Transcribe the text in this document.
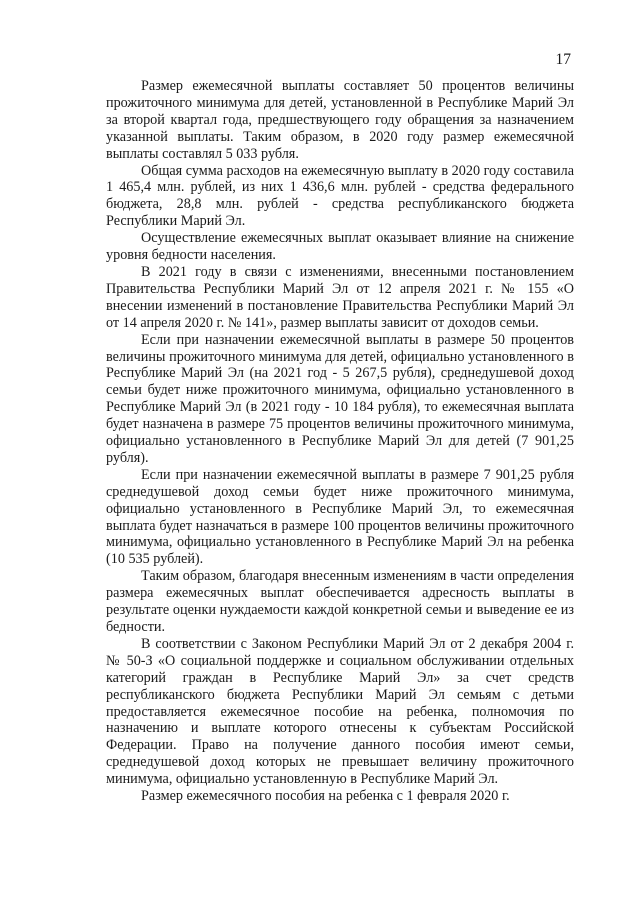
17

Размер ежемесячной выплаты составляет 50 процентов величины прожиточного минимума для детей, установленной в Республике Марий Эл за второй квартал года, предшествующего году обращения за назначением указанной выплаты. Таким образом, в 2020 году размер ежемесячной выплаты составлял 5 033 рубля.

Общая сумма расходов на ежемесячную выплату в 2020 году составила 1 465,4 млн. рублей, из них 1 436,6 млн. рублей - средства федерального бюджета, 28,8 млн. рублей - средства республиканского бюджета Республики Марий Эл.

Осуществление ежемесячных выплат оказывает влияние на снижение уровня бедности населения.

В 2021 году в связи с изменениями, внесенными постановлением Правительства Республики Марий Эл от 12 апреля 2021 г. № 155 «О внесении изменений в постановление Правительства Республики Марий Эл от 14 апреля 2020 г. № 141», размер выплаты зависит от доходов семьи.

Если при назначении ежемесячной выплаты в размере 50 процентов величины прожиточного минимума для детей, официально установленного в Республике Марий Эл (на 2021 год - 5 267,5 рубля), среднедушевой доход семьи будет ниже прожиточного минимума, официально установленного в Республике Марий Эл (в 2021 году - 10 184 рубля), то ежемесячная выплата будет назначена в размере 75 процентов величины прожиточного минимума, официально установленного в Республике Марий Эл для детей (7 901,25 рубля).

Если при назначении ежемесячной выплаты в размере 7 901,25 рубля среднедушевой доход семьи будет ниже прожиточного минимума, официально установленного в Республике Марий Эл, то ежемесячная выплата будет назначаться в размере 100 процентов величины прожиточного минимума, официально установленного в Республике Марий Эл на ребенка (10 535 рублей).

Таким образом, благодаря внесенным изменениям в части определения размера ежемесячных выплат обеспечивается адресность выплаты в результате оценки нуждаемости каждой конкретной семьи и выведение ее из бедности.

В соответствии с Законом Республики Марий Эл от 2 декабря 2004 г. № 50-З «О социальной поддержке и социальном обслуживании отдельных категорий граждан в Республике Марий Эл» за счет средств республиканского бюджета Республики Марий Эл семьям с детьми предоставляется ежемесячное пособие на ребенка, полномочия по назначению и выплате которого отнесены к субъектам Российской Федерации. Право на получение данного пособия имеют семьи, среднедушевой доход которых не превышает величину прожиточного минимума, официально установленную в Республике Марий Эл.

Размер ежемесячного пособия на ребенка с 1 февраля 2020 г.
